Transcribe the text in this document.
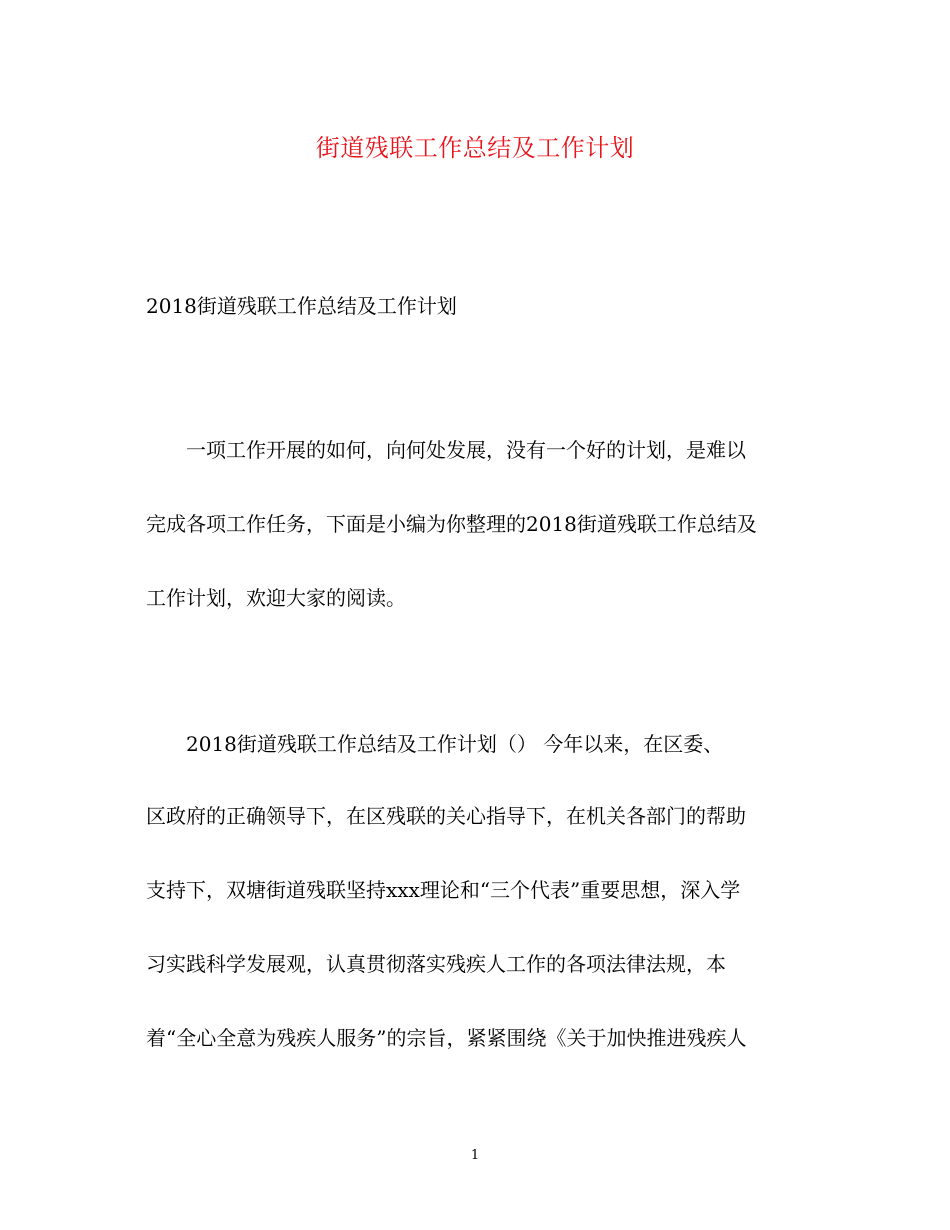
街道残联工作总结及工作计划
2018街道残联工作总结及工作计划
一项工作开展的如何，向何处发展，没有一个好的计划，是难以
完成各项工作任务，下面是小编为你整理的2018街道残联工作总结及
工作计划，欢迎大家的阅读。
2018街道残联工作总结及工作计划（） 今年以来，在区委、
区政府的正确领导下，在区残联的关心指导下，在机关各部门的帮助
支持下，双塘街道残联坚持xxx理论和“三个代表”重要思想，深入学
习实践科学发展观，认真贯彻落实残疾人工作的各项法律法规，本
着“全心全意为残疾人服务”的宗旨，紧紧围绕《关于加快推进残疾人
1
